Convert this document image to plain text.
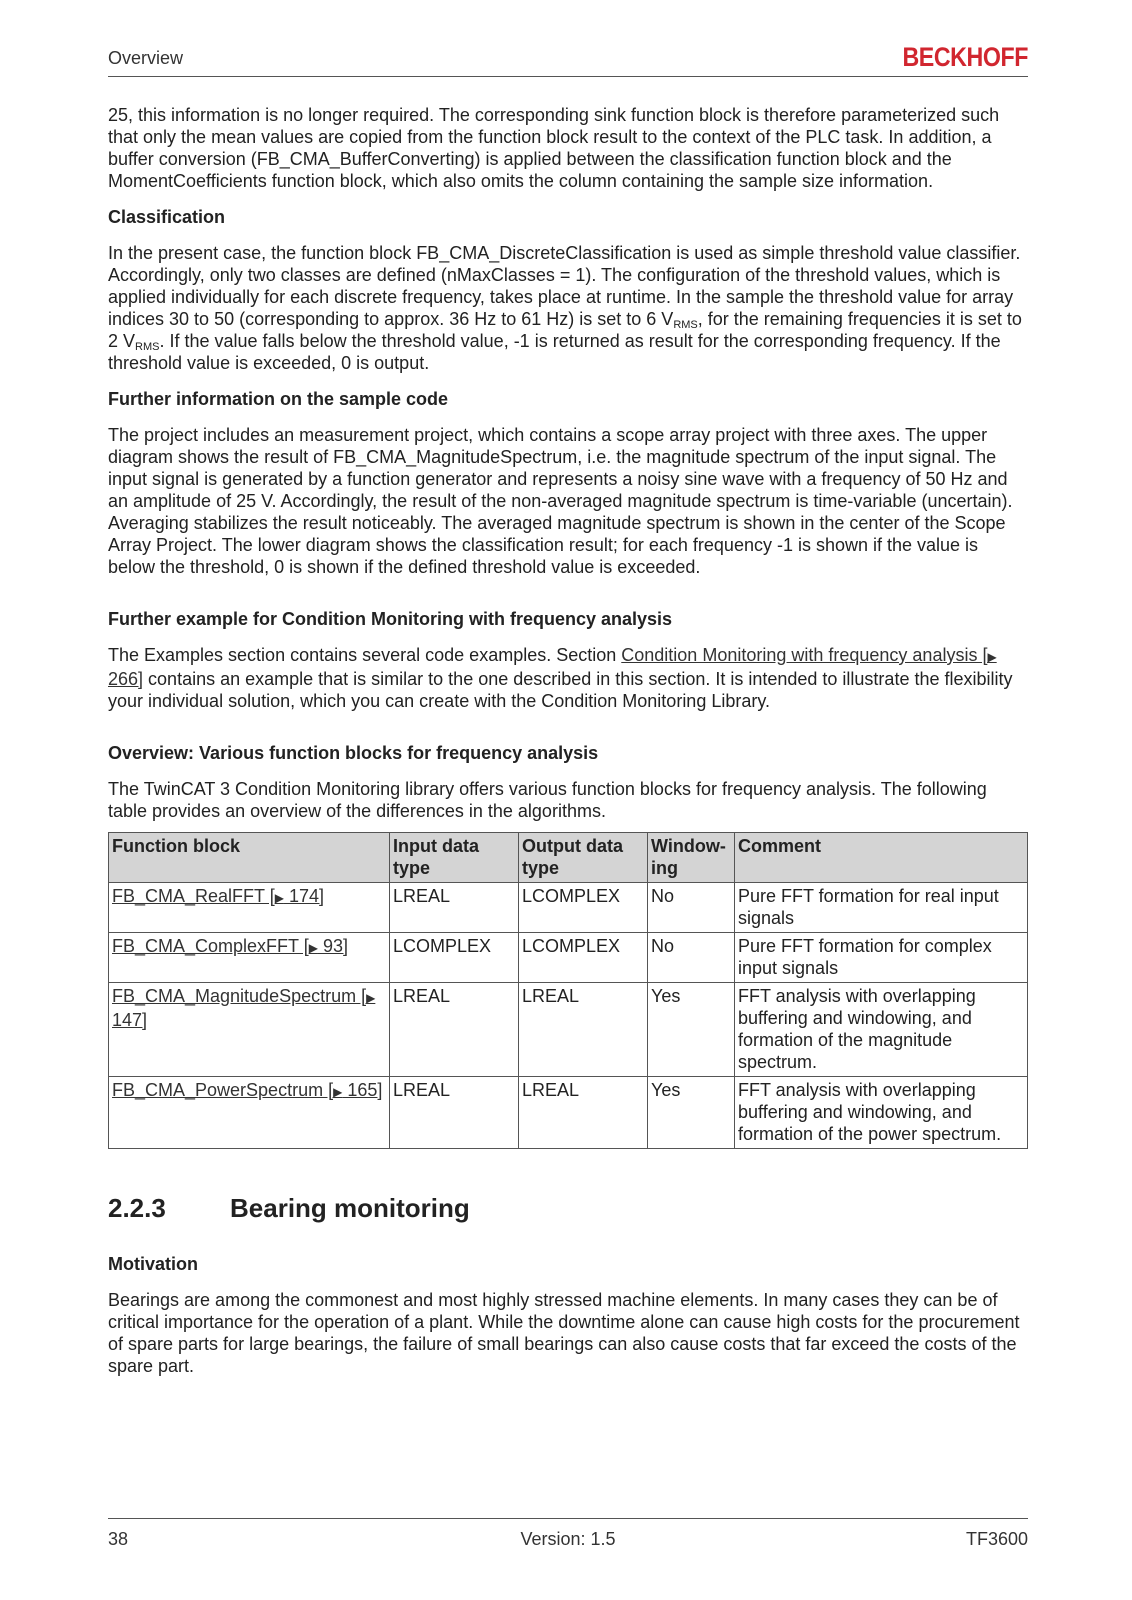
Overview	BECKHOFF

25, this information is no longer required. The corresponding sink function block is therefore parameterized such that only the mean values are copied from the function block result to the context of the PLC task. In addition, a buffer conversion (FB_CMA_BufferConverting) is applied between the classification function block and the MomentCoefficients function block, which also omits the column containing the sample size information.

Classification

In the present case, the function block FB_CMA_DiscreteClassification is used as simple threshold value classifier. Accordingly, only two classes are defined (nMaxClasses = 1). The configuration of the threshold values, which is applied individually for each discrete frequency, takes place at runtime. In the sample the threshold value for array indices 30 to 50 (corresponding to approx. 36 Hz to 61 Hz) is set to 6 $V_{RMS}$, for the remaining frequencies it is set to 2 $V_{RMS}$. If the value falls below the threshold value, -1 is returned as result for the corresponding frequency. If the threshold value is exceeded, 0 is output.

Further information on the sample code

The project includes an measurement project, which contains a scope array project with three axes. The upper diagram shows the result of FB_CMA_MagnitudeSpectrum, i.e. the magnitude spectrum of the input signal. The input signal is generated by a function generator and represents a noisy sine wave with a frequency of 50 Hz and an amplitude of 25 V. Accordingly, the result of the non-averaged magnitude spectrum is time-variable (uncertain). Averaging stabilizes the result noticeably. The averaged magnitude spectrum is shown in the center of the Scope Array Project. The lower diagram shows the classification result; for each frequency -1 is shown if the value is below the threshold, 0 is shown if the defined threshold value is exceeded.

Further example for Condition Monitoring with frequency analysis

The Examples section contains several code examples. Section Condition Monitoring with frequency analysis [▶ 266] contains an example that is similar to the one described in this section. It is intended to illustrate the flexibility your individual solution, which you can create with the Condition Monitoring Library.

Overview: Various function blocks for frequency analysis

The TwinCAT 3 Condition Monitoring library offers various function blocks for frequency analysis. The following table provides an overview of the differences in the algorithms.

Function block	Input data type	Output data type	Window-ing	Comment
FB_CMA_RealFFT [▶ 174]	LREAL	LCOMPLEX	No	Pure FFT formation for real input signals
FB_CMA_ComplexFFT [▶ 93]	LCOMPLEX	LCOMPLEX	No	Pure FFT formation for complex input signals
FB_CMA_MagnitudeSpectrum [▶ 147]	LREAL	LREAL	Yes	FFT analysis with overlapping buffering and windowing, and formation of the magnitude spectrum.
FB_CMA_PowerSpectrum [▶ 165]	LREAL	LREAL	Yes	FFT analysis with overlapping buffering and windowing, and formation of the power spectrum.
2.2.3 Bearing monitoring
Motivation

Bearings are among the commonest and most highly stressed machine elements. In many cases they can be of critical importance for the operation of a plant. While the downtime alone can cause high costs for the procurement of spare parts for large bearings, the failure of small bearings can also cause costs that far exceed the costs of the spare part.

38	Version: 1.5	TF3600
